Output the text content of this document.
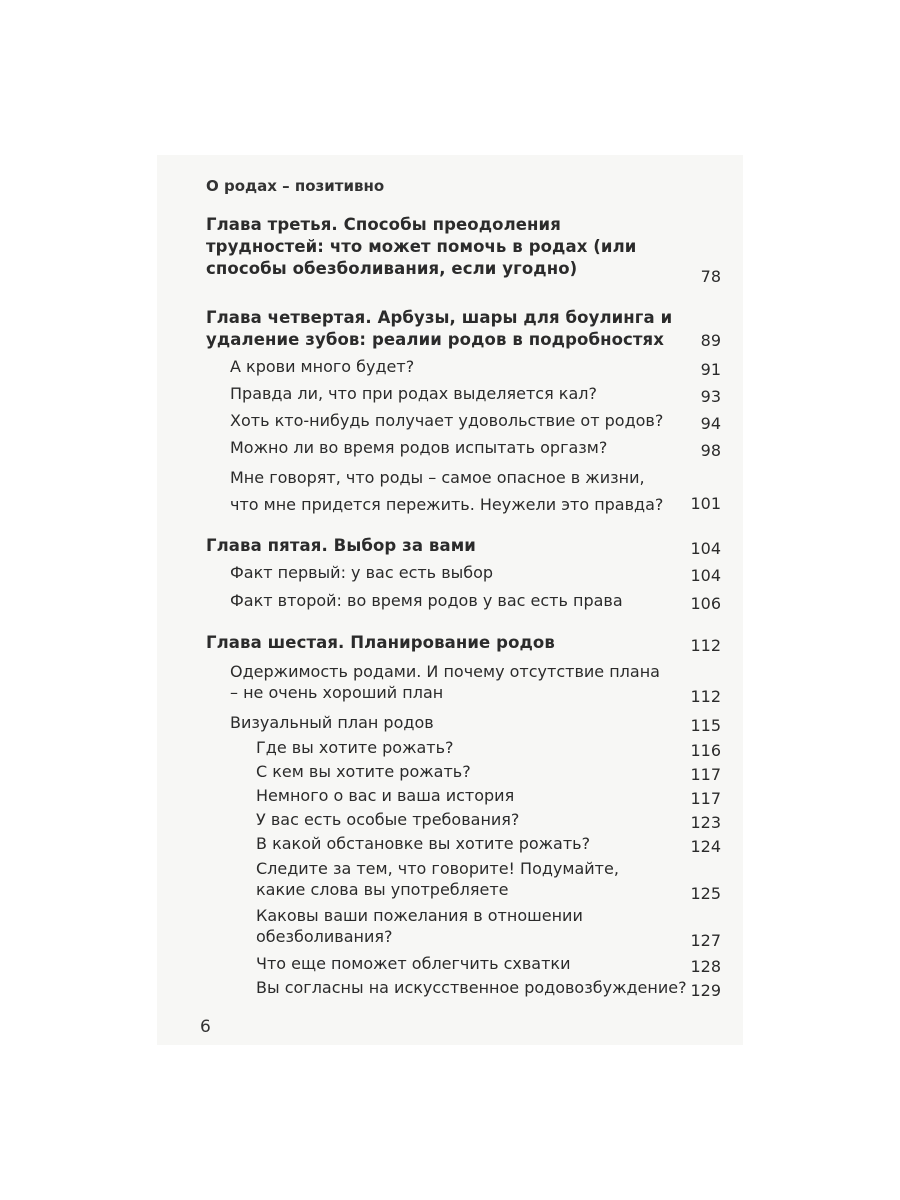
О родах – позитивно
Глава третья. Способы преодоления трудностей: что может помочь в родах (или способы обезболивания, если угодно)	78
Глава четвертая. Арбузы, шары для боулинга и удаление зубов: реалии родов в подробностях	89
А крови много будет?	91
Правда ли, что при родах выделяется кал?	93
Хоть кто-нибудь получает удовольствие от родов?	94
Можно ли во время родов испытать оргазм?	98
Мне говорят, что роды – самое опасное в жизни, что мне придется пережить. Неужели это правда?	101
Глава пятая. Выбор за вами	104
Факт первый: у вас есть выбор	104
Факт второй: во время родов у вас есть права	106
Глава шестая. Планирование родов	112
Одержимость родами. И почему отсутствие плана – не очень хороший план	112
Визуальный план родов	115
Где вы хотите рожать?	116
С кем вы хотите рожать?	117
Немного о вас и ваша история	117
У вас есть особые требования?	123
В какой обстановке вы хотите рожать?	124
Следите за тем, что говорите! Подумайте, какие слова вы употребляете	125
Каковы ваши пожелания в отношении обезболивания?	127
Что еще поможет облегчить схватки	128
Вы согласны на искусственное родовозбуждение? 129
6
